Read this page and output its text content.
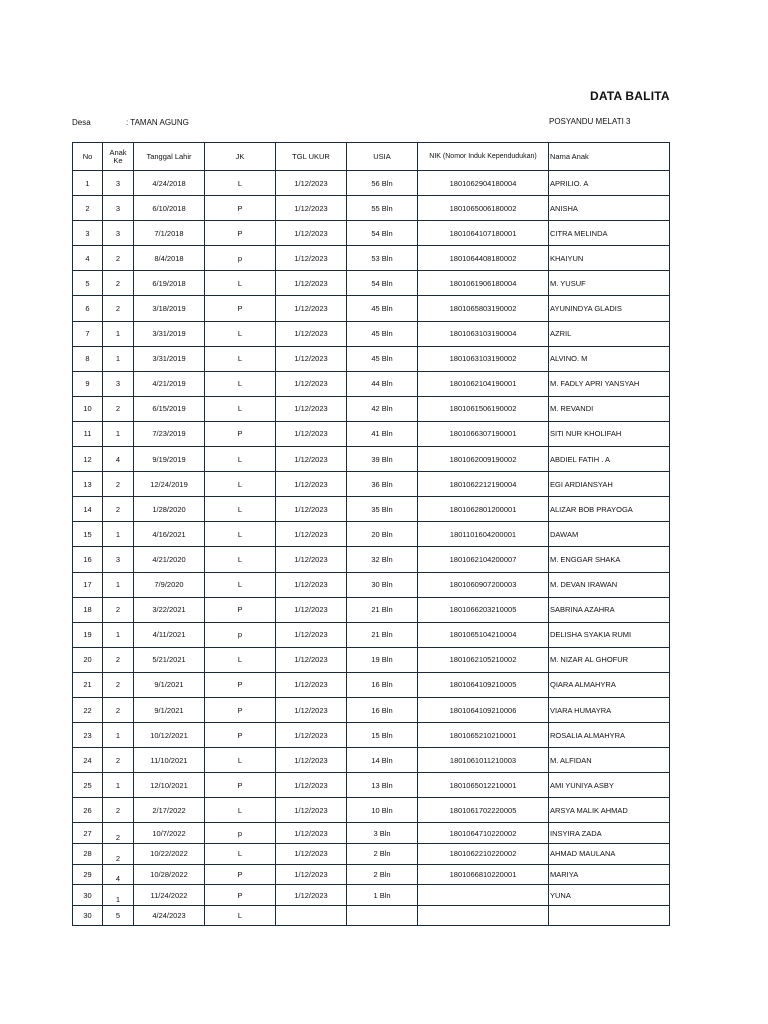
DATA BALITA
Desa	: TAMAN AGUNG	POSYANDU MELATI 3
No	Anak Ke	Tanggal Lahir	JK	TGL UKUR	USIA	NIK (Nomor Induk Kependudukan)	Nama Anak
1	3	4/24/2018	L	1/12/2023	56 Bln	1801062904180004	APRILIO. A
2	3	6/10/2018	P	1/12/2023	55 Bln	1801065006180002	ANISHA
3	3	7/1/2018	P	1/12/2023	54 Bln	1801064107180001	CITRA MELINDA
4	2	8/4/2018	p	1/12/2023	53 Bln	1801064408180002	KHAIYUN
5	2	6/19/2018	L	1/12/2023	54 Bln	1801061906180004	M. YUSUF
6	2	3/18/2019	P	1/12/2023	45 Bln	1801065803190002	AYUNINDYA GLADIS
7	1	3/31/2019	L	1/12/2023	45 Bln	1801063103190004	AZRIL
8	1	3/31/2019	L	1/12/2023	45 Bln	1801063103190002	ALVINO. M
9	3	4/21/2019	L	1/12/2023	44 Bln	1801062104190001	M. FADLY APRI YANSYAH
10	2	6/15/2019	L	1/12/2023	42 Bln	1801061506190002	M. REVANDI
11	1	7/23/2019	P	1/12/2023	41 Bln	1801066307190001	SITI NUR KHOLIFAH
12	4	9/19/2019	L	1/12/2023	39 Bln	1801062009190002	ABDIEL FATIH . A
13	2	12/24/2019	L	1/12/2023	36 Bln	1801062212190004	EGI ARDIANSYAH
14	2	1/28/2020	L	1/12/2023	35 Bln	1801062801200001	ALIZAR BOB PRAYOGA
15	1	4/16/2021	L	1/12/2023	20 Bln	1801101604200001	DAWAM
16	3	4/21/2020	L	1/12/2023	32 Bln	1801062104200007	M. ENGGAR SHAKA
17	1	7/9/2020	L	1/12/2023	30 Bln	1801060907200003	M. DEVAN IRAWAN
18	2	3/22/2021	P	1/12/2023	21 Bln	1801066203210005	SABRINA AZAHRA
19	1	4/11/2021	p	1/12/2023	21 Bln	1801065104210004	DELISHA SYAKIA RUMI
20	2	5/21/2021	L	1/12/2023	19 Bln	1801062105210002	M. NIZAR AL GHOFUR
21	2	9/1/2021	P	1/12/2023	16 Bln	1801064109210005	QIARA ALMAHYRA
22	2	9/1/2021	P	1/12/2023	16 Bln	1801064109210006	VIARA HUMAYRA
23	1	10/12/2021	P	1/12/2023	15 Bln	1801065210210001	ROSALIA ALMAHYRA
24	2	11/10/2021	L	1/12/2023	14 Bln	1801061011210003	M. ALFIDAN
25	1	12/10/2021	P	1/12/2023	13 Bln	1801065012210001	AMI YUNIYA ASBY
26	2	2/17/2022	L	1/12/2023	10 Bln	1801061702220005	ARSYA MALIK AHMAD
27	2	10/7/2022	p	1/12/2023	3 Bln	1801064710220002	INSYIRA ZADA
28	2	10/22/2022	L	1/12/2023	2 Bln	1801062210220002	AHMAD MAULANA
29	4	10/28/2022	P	1/12/2023	2 Bln	1801066810220001	MARIYA
30	1	11/24/2022	P	1/12/2023	1 Bln		YUNA
30	5	4/24/2023	L				
